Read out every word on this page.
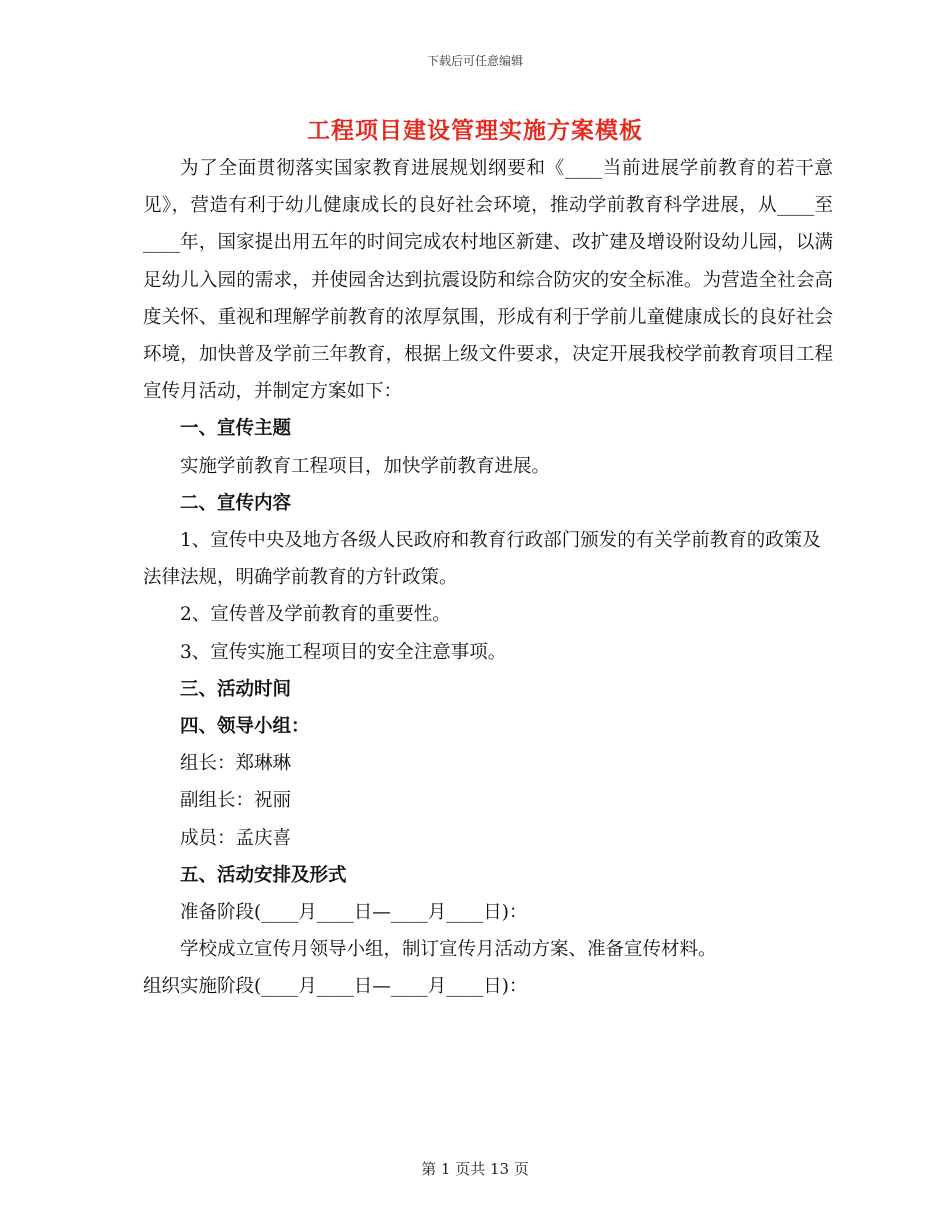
下载后可任意编辑
工程项目建设管理实施方案模板

为了全面贯彻落实国家教育进展规划纲要和《____当前进展学前教育的若干意见》，营造有利于幼儿健康成长的良好社会环境，推动学前教育科学进展，从____至____年，国家提出用五年的时间完成农村地区新建、改扩建及增设附设幼儿园，以满足幼儿入园的需求，并使园舍达到抗震设防和综合防灾的安全标准。为营造全社会高度关怀、重视和理解学前教育的浓厚氛围，形成有利于学前儿童健康成长的良好社会环境，加快普及学前三年教育，根据上级文件要求，决定开展我校学前教育项目工程宣传月活动，并制定方案如下：

一、宣传主题

实施学前教育工程项目，加快学前教育进展。

二、宣传内容

1、宣传中央及地方各级人民政府和教育行政部门颁发的有关学前教育的政策及法律法规，明确学前教育的方针政策。

2、宣传普及学前教育的重要性。

3、宣传实施工程项目的安全注意事项。

三、活动时间

四、领导小组：

组长：郑琳琳

副组长：祝丽

成员：孟庆喜

五、活动安排及形式

准备阶段(____月____日—____月____日)：

学校成立宣传月领导小组，制订宣传月活动方案、准备宣传材料。

组织实施阶段(____月____日—____月____日)：

第 1 页共 13 页
